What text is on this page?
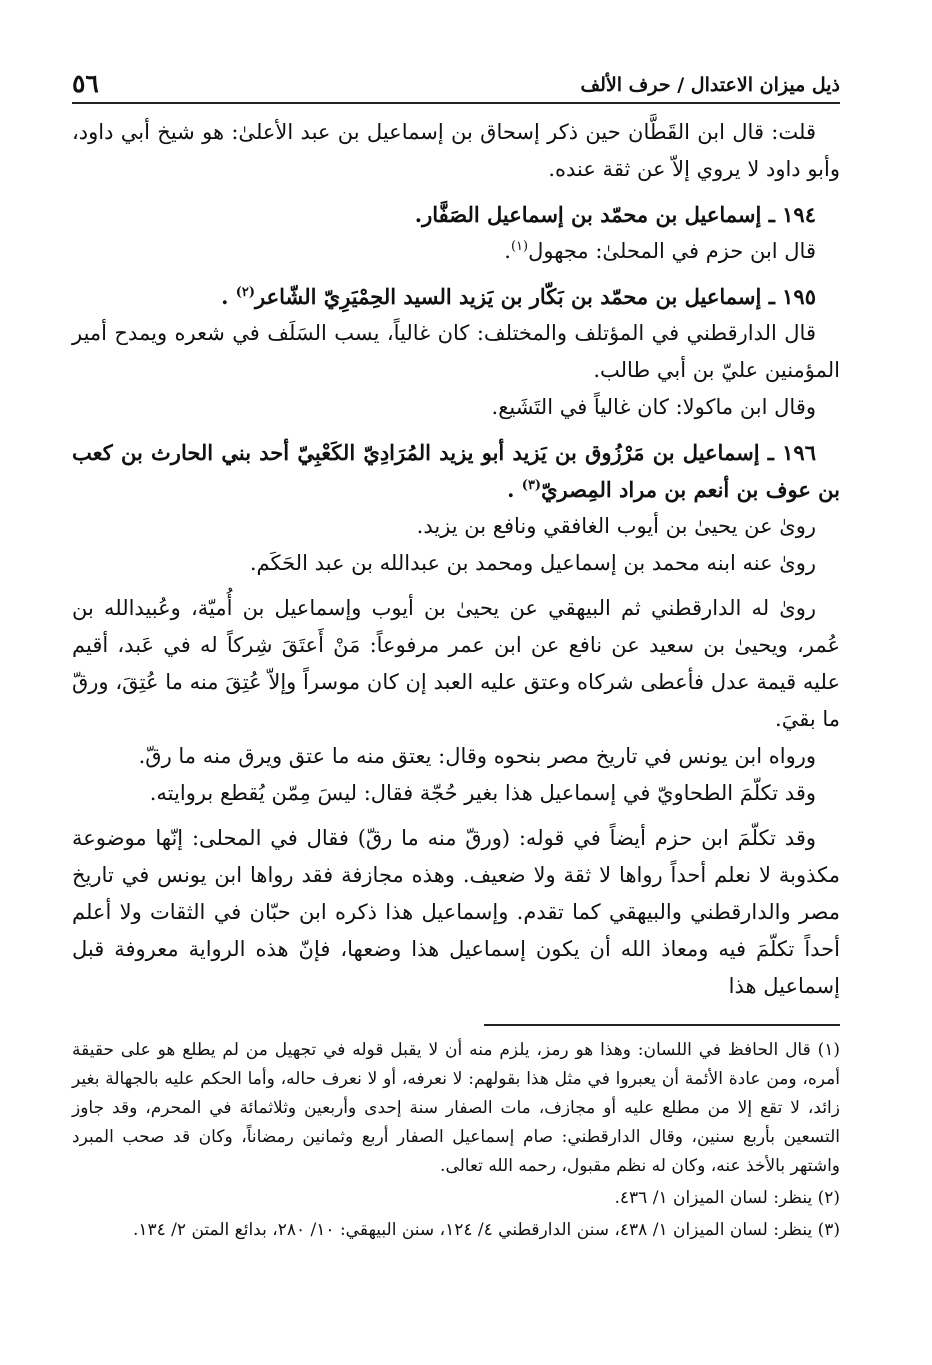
ذيل ميزان الاعتدال / حرف الألف
٥٦

قلت: قال ابن القَطَّان حين ذكر إسحاق بن إسماعيل بن عبد الأعلىٰ: هو شيخ أبي داود، وأبو داود لا يروي إلاّ عن ثقة عنده.

١٩٤ ـ إسماعيل بن محمّد بن إسماعيل الصَفَّار.

قال ابن حزم في المحلىٰ: مجهول$^{(١)}$.

١٩٥ ـ إسماعيل بن محمّد بن بَكّار بن يَزيد السيد الحِمْيَرِيّ الشّاعر$^{(٢)}$ .

قال الدارقطني في المؤتلف والمختلف: كان غالياً، يسب السَلَف في شعره ويمدح أمير المؤمنين عليّ بن أبي طالب.

وقال ابن ماكولا: كان غالياً في التَشَيع.

١٩٦ ـ إسماعيل بن مَرْزُوق بن يَزيد أبو يزيد المُرَادِيّ الكَعْبِيّ أحد بني الحارث بن كعب بن عوف بن أنعم بن مراد المِصريّ$^{(٣)}$ .

روىٰ عن يحيىٰ بن أيوب الغافقي ونافع بن يزيد.

روىٰ عنه ابنه محمد بن إسماعيل ومحمد بن عبدالله بن عبد الحَكَم.

روىٰ له الدارقطني ثم البيهقي عن يحيىٰ بن أيوب وإسماعيل بن أُميّة، وعُبيدالله بن عُمر، ويحيىٰ بن سعيد عن نافع عن ابن عمر مرفوعاً: مَنْ أَعتَقَ شِركاً له في عَبد، أقيم عليه قيمة عدل فأعطى شركاه وعتق عليه العبد إن كان موسراً وإلاّ عُتِقَ منه ما عُتِقَ، ورقّ ما بقيَ.

ورواه ابن يونس في تاريخ مصر بنحوه وقال: يعتق منه ما عتق ويرق منه ما رقّ.

وقد تكلّمَ الطحاويّ في إسماعيل هذا بغير حُجّة فقال: ليسَ مِمّن يُقطع بروايته.

وقد تكلّمَ ابن حزم أيضاً في قوله: (ورقّ منه ما رقّ) فقال في المحلى: إنّها موضوعة مكذوبة لا نعلم أحداً رواها لا ثقة ولا ضعيف. وهذه مجازفة فقد رواها ابن يونس في تاريخ مصر والدارقطني والبيهقي كما تقدم. وإسماعيل هذا ذكره ابن حبّان في الثقات ولا أعلم أحداً تكلّمَ فيه ومعاذ الله أن يكون إسماعيل هذا وضعها، فإنّ هذه الرواية معروفة قبل إسماعيل هذا

(١) قال الحافظ في اللسان: وهذا هو رمز، يلزم منه أن لا يقبل قوله في تجهيل من لم يطلع هو على حقيقة أمره، ومن عادة الأئمة أن يعبروا في مثل هذا بقولهم: لا نعرفه، أو لا نعرف حاله، وأما الحكم عليه بالجهالة بغير زائد، لا تقع إلا من مطلع عليه أو مجازف، مات الصفار سنة إحدى وأربعين وثلاثمائة في المحرم، وقد جاوز التسعين بأربع سنين، وقال الدارقطني: صام إسماعيل الصفار أربع وثمانين رمضاناً، وكان قد صحب المبرد واشتهر بالأخذ عنه، وكان له نظم مقبول، رحمه الله تعالى.

(٢) ينظر: لسان الميزان ١/ ٤٣٦.

(٣) ينظر: لسان الميزان ١/ ٤٣٨، سنن الدارقطني ٤/ ١٢٤، سنن البيهقي: ١٠/ ٢٨٠، بدائع المتن ٢/ ١٣٤.
